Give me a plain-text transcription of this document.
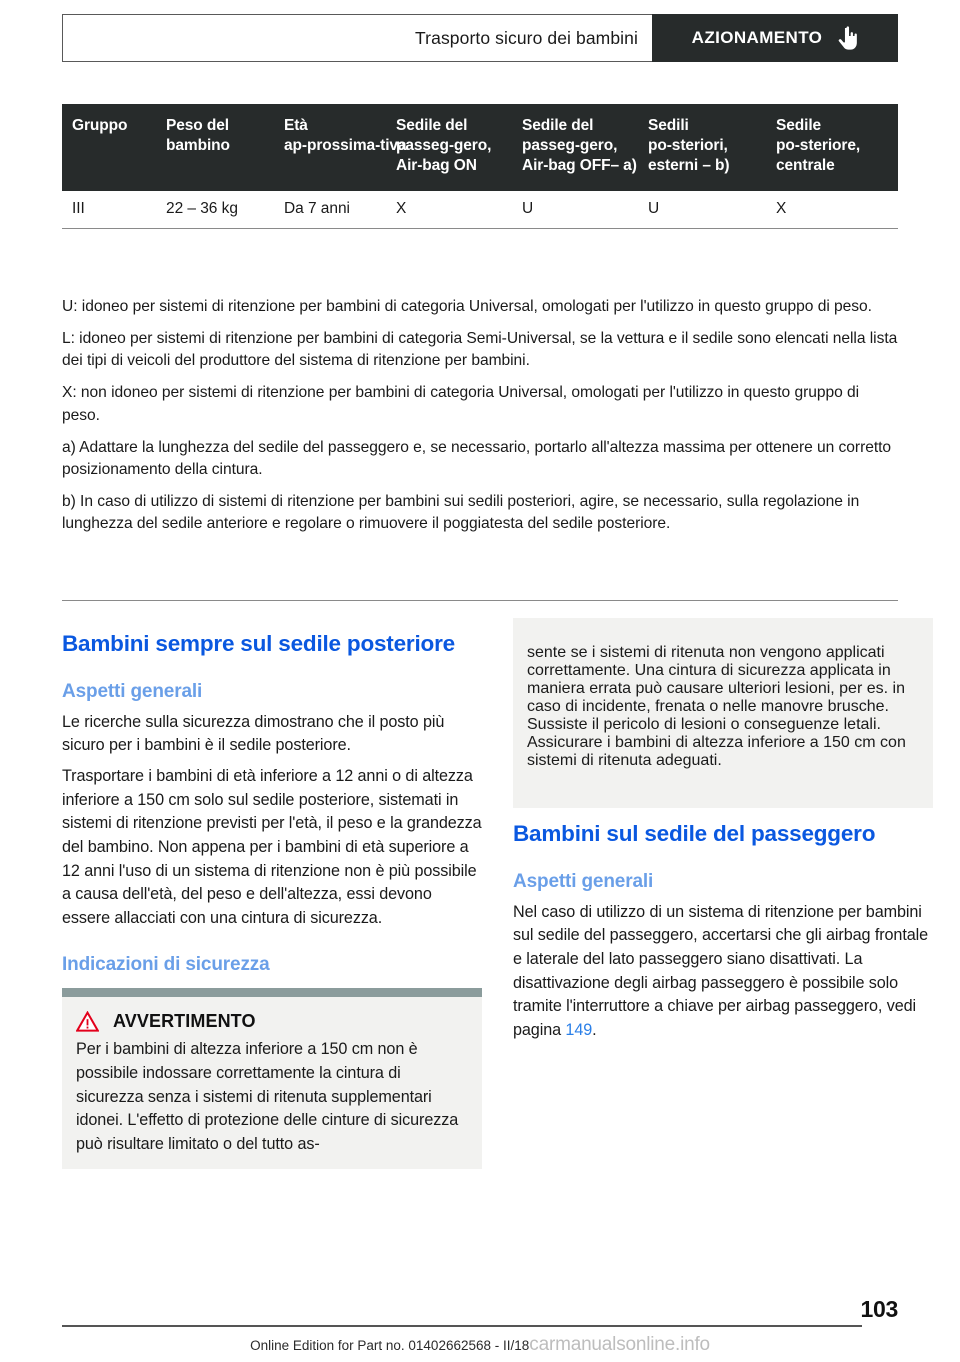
Trasporto sicuro dei bambini	AZIONAMENTO
Gruppo	Peso del bambino	Età ap‑prossima‑tiva	Sedile del passeg‑gero, Air‑bag ON	Sedile del passeg‑gero, Air‑bag OFF– a)	Sedili po‑steriori, esterni – b)	Sedile po‑steriore, centrale
III	22 – 36 kg	Da 7 anni	X	U	U	X

U: idoneo per sistemi di ritenzione per bambini di categoria Universal, omologati per l'utilizzo in questo gruppo di peso.

L: idoneo per sistemi di ritenzione per bambini di categoria Semi-Universal, se la vettura e il sedile sono elencati nella lista dei tipi di veicoli del produttore del sistema di ritenzione per bambini.

X: non idoneo per sistemi di ritenzione per bambini di categoria Universal, omologati per l'utilizzo in questo gruppo di peso.

a) Adattare la lunghezza del sedile del passeggero e, se necessario, portarlo all'altezza massima per ottenere un corretto posizionamento della cintura.

b) In caso di utilizzo di sistemi di ritenzione per bambini sui sedili posteriori, agire, se necessario, sulla regolazione in lunghezza del sedile anteriore e regolare o rimuovere il poggiatesta del sedile posteriore.

Bambini sempre sul sedile posteriore
Aspetti generali

Le ricerche sulla sicurezza dimostrano che il posto più sicuro per i bambini è il sedile posteriore.

Trasportare i bambini di età inferiore a 12 anni o di altezza inferiore a 150 cm solo sul sedile posteriore, sistemati in sistemi di ritenzione previsti per l'età, il peso e la grandezza del bambino. Non appena per i bambini di età superiore a 12 anni l'uso di un sistema di ritenzione non è più possibile a causa dell'età, del peso e dell'altezza, essi devono essere allacciati con una cintura di sicurezza.

Indicazioni di sicurezza
AVVERTIMENTO

Per i bambini di altezza inferiore a 150 cm non è possibile indossare correttamente la cintura di sicurezza senza i sistemi di ritenuta supplementari idonei. L'effetto di protezione delle cinture di sicurezza può risultare limitato o del tutto as-

sente se i sistemi di ritenuta non vengono applicati correttamente. Una cintura di sicurezza applicata in maniera errata può causare ulteriori lesioni, per es. in caso di incidente, frenata o nelle manovre brusche. Sussiste il pericolo di lesioni o conseguenze letali. Assicurare i bambini di altezza inferiore a 150 cm con sistemi di ritenuta adeguati.

Bambini sul sedile del passeggero
Aspetti generali

Nel caso di utilizzo di un sistema di ritenzione per bambini sul sedile del passeggero, accertarsi che gli airbag frontale e laterale del lato passeggero siano disattivati. La disattivazione degli airbag passeggero è possibile solo tramite l'interruttore a chiave per airbag passeggero, vedi pagina 149.

103
Online Edition for Part no. 01402662568 - II/18carmanualsonline.info
